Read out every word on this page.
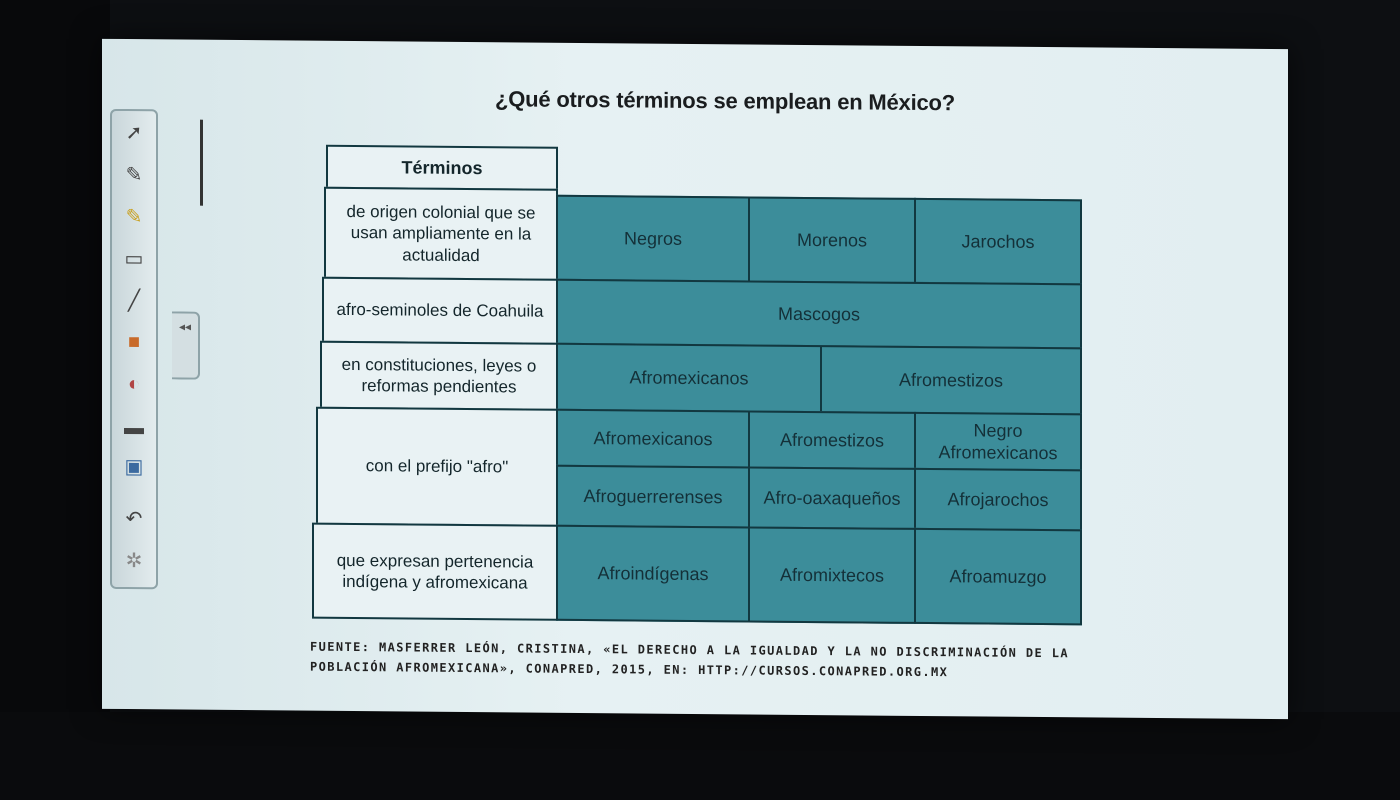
¿Qué otros términos se emplean en México?
➚
✎
✎
▭
╱
■
◐
▬
▣
↶
✲
◂◂
Términos
de origen colonial que se usan ampliamente en la actualidad
Negros	Morenos	Jarochos
afro-seminoles de Coahuila	Mascogos
en constituciones, leyes o reformas pendientes	Afromexicanos	Afromestizos
con el prefijo "afro"
Afromexicanos	Afromestizos	Negro Afromexicanos
Afroguerrerenses	Afro-oaxaqueños	Afrojarochos
que expresan pertenencia indígena y afromexicana	Afroindígenas	Afromixtecos	Afroamuzgo
FUENTE: MASFERRER LEÓN, CRISTINA, «EL DERECHO A LA IGUALDAD Y LA NO DISCRIMINACIÓN DE LA POBLACIÓN AFROMEXICANA», CONAPRED, 2015, EN: HTTP://CURSOS.CONAPRED.ORG.MX
